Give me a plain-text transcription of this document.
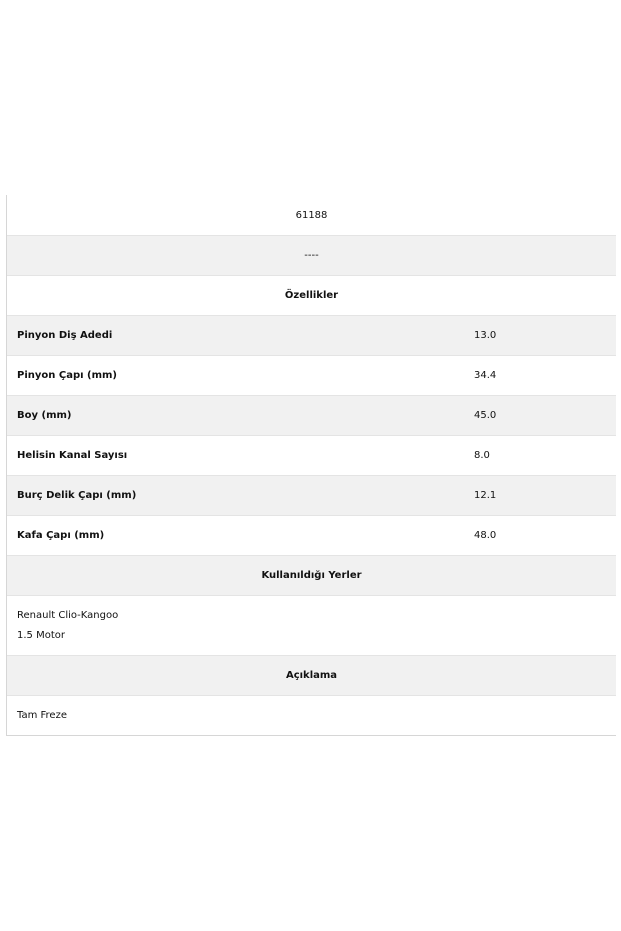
61188
----
Özellikler
Pinyon Diş Adedi	13.0
Pinyon Çapı (mm)	34.4
Boy (mm)	45.0
Helisin Kanal Sayısı	8.0
Burç Delik Çapı (mm)	12.1
Kafa Çapı (mm)	48.0
Kullanıldığı Yerler
Renault Clio-Kangoo
1.5 Motor
Açıklama
Tam Freze
